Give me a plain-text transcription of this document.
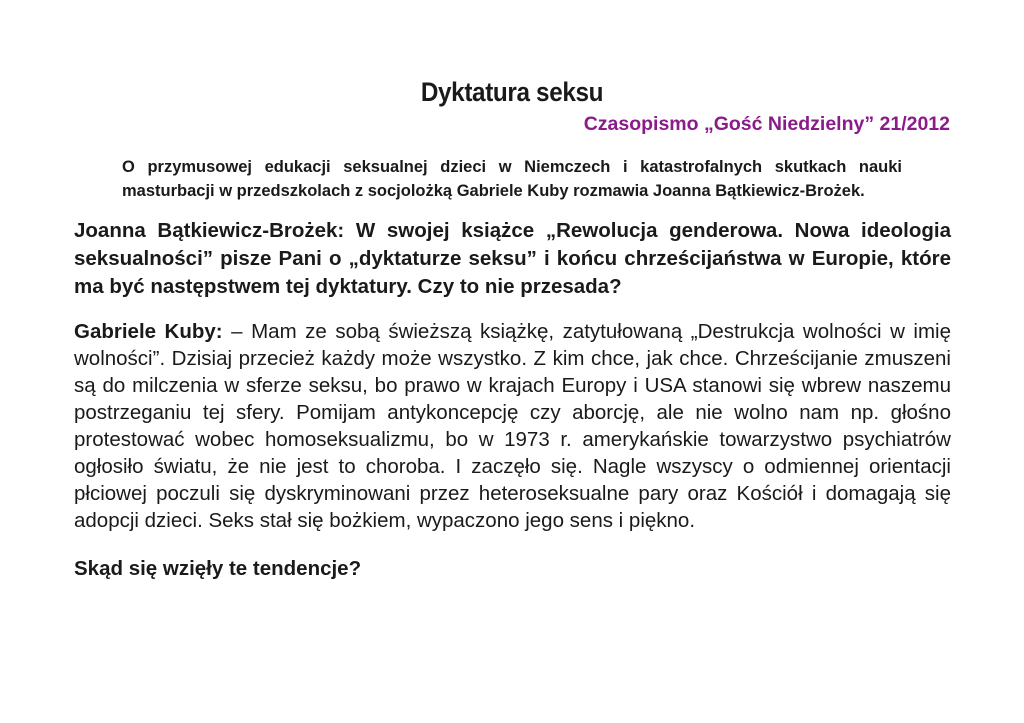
Dyktatura seksu
Czasopismo „Gość Niedzielny” 21/2012
O przymusowej edukacji seksualnej dzieci w Niemczech i katastrofalnych skutkach nauki masturbacji w przedszkolach z socjolożką Gabriele Kuby rozmawia Joanna Bątkiewicz-Brożek.
Joanna Bątkiewicz-Brożek: W swojej książce „Rewolucja genderowa. Nowa ideologia seksualności” pisze Pani o „dyktaturze seksu” i końcu chrześcijaństwa w Europie, które ma być następstwem tej dyktatury. Czy to nie przesada?
Gabriele Kuby: – Mam ze sobą świeższą książkę, zatytułowaną „Destrukcja wolności w imię wolności”. Dzisiaj przecież każdy może wszystko. Z kim chce, jak chce. Chrześcijanie zmuszeni są do milczenia w sferze seksu, bo prawo w krajach Europy i USA stanowi się wbrew naszemu postrzeganiu tej sfery. Pomijam antykoncepcję czy aborcję, ale nie wolno nam np. głośno protestować wobec homoseksualizmu, bo w 1973 r. amerykańskie towarzystwo psychiatrów ogłosiło światu, że nie jest to choroba. I zaczęło się. Nagle wszyscy o odmiennej orientacji płciowej poczuli się dyskryminowani przez heteroseksualne pary oraz Kościół i domagają się adopcji dzieci. Seks stał się bożkiem, wypaczono jego sens i piękno.
Skąd się wzięły te tendencje?
